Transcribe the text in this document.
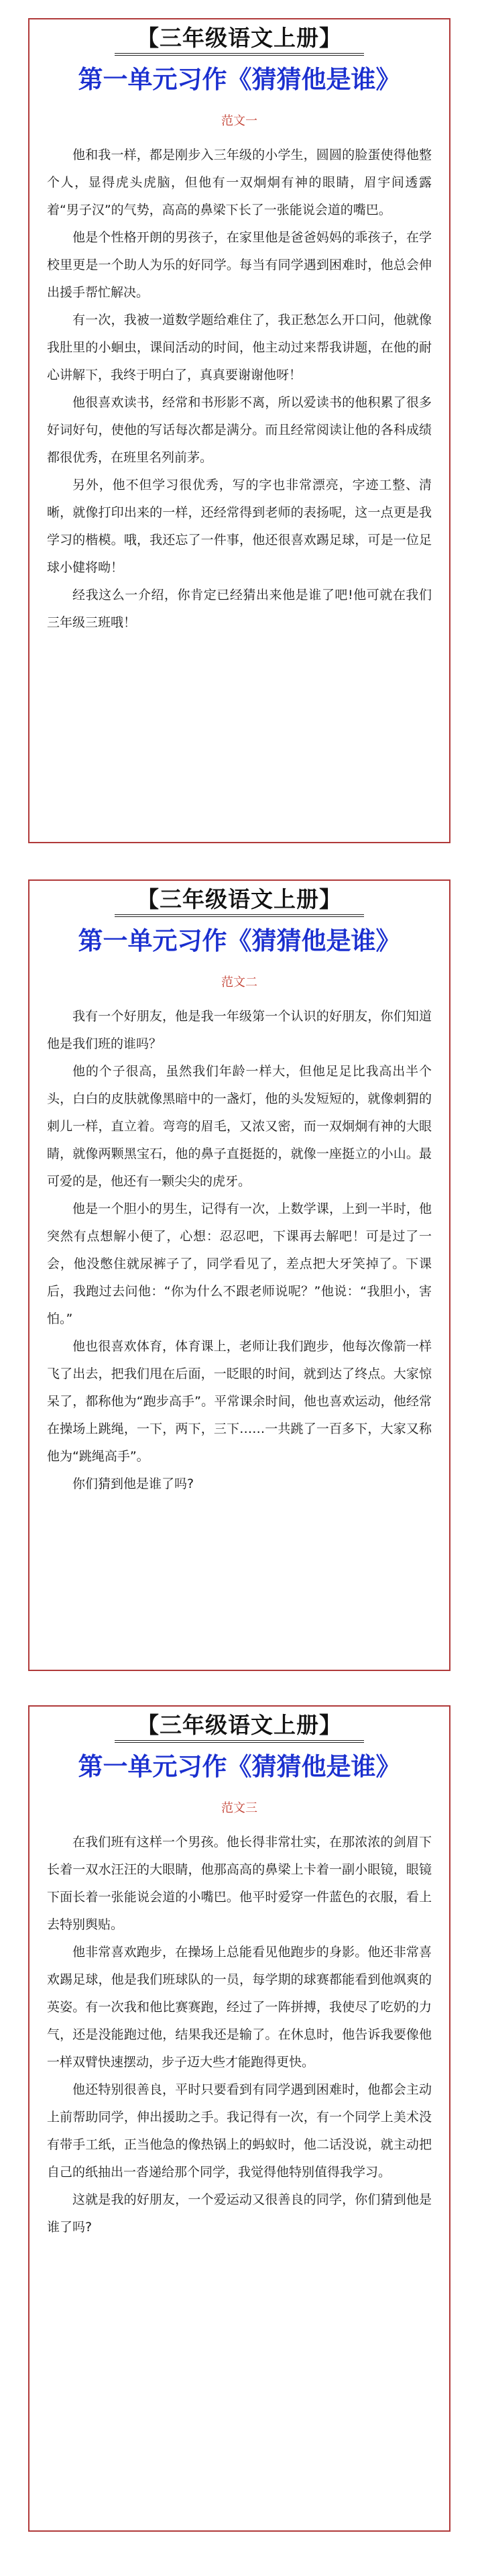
【三年级语文上册】
第一单元习作《猜猜他是谁》
范文一

他和我一样，都是刚步入三年级的小学生，圆圆的脸蛋使得他整个人，显得虎头虎脑，但他有一双炯炯有神的眼睛，眉宇间透露着“男子汉”的气势，高高的鼻梁下长了一张能说会道的嘴巴。

他是个性格开朗的男孩子，在家里他是爸爸妈妈的乖孩子，在学校里更是一个助人为乐的好同学。每当有同学遇到困难时，他总会伸出援手帮忙解决。

有一次，我被一道数学题给难住了，我正愁怎么开口问，他就像我肚里的小蛔虫，课间活动的时间，他主动过来帮我讲题，在他的耐心讲解下，我终于明白了，真真要谢谢他呀！

他很喜欢读书，经常和书形影不离，所以爱读书的他积累了很多好词好句，使他的写话每次都是满分。而且经常阅读让他的各科成绩都很优秀，在班里名列前茅。

另外，他不但学习很优秀，写的字也非常漂亮，字迹工整、清晰，就像打印出来的一样，还经常得到老师的表扬呢，这一点更是我学习的楷模。哦，我还忘了一件事，他还很喜欢踢足球，可是一位足球小健将呦！

经我这么一介绍，你肯定已经猜出来他是谁了吧!他可就在我们三年级三班哦！

【三年级语文上册】
第一单元习作《猜猜他是谁》
范文二

我有一个好朋友，他是我一年级第一个认识的好朋友，你们知道他是我们班的谁吗？

他的个子很高，虽然我们年龄一样大，但他足足比我高出半个头，白白的皮肤就像黑暗中的一盏灯，他的头发短短的，就像刺猬的刺儿一样，直立着。弯弯的眉毛，又浓又密，而一双炯炯有神的大眼睛，就像两颗黑宝石，他的鼻子直挺挺的，就像一座挺立的小山。最可爱的是，他还有一颗尖尖的虎牙。

他是一个胆小的男生，记得有一次，上数学课，上到一半时，他突然有点想解小便了，心想：忍忍吧，下课再去解吧！可是过了一会，他没憋住就尿裤子了，同学看见了，差点把大牙笑掉了。下课后，我跑过去问他：“你为什么不跟老师说呢？”他说：“我胆小，害怕。”

他也很喜欢体育，体育课上，老师让我们跑步，他每次像箭一样飞了出去，把我们甩在后面，一眨眼的时间，就到达了终点。大家惊呆了，都称他为“跑步高手”。平常课余时间，他也喜欢运动，他经常在操场上跳绳，一下，两下，三下……一共跳了一百多下，大家又称他为“跳绳高手”。

你们猜到他是谁了吗?

【三年级语文上册】
第一单元习作《猜猜他是谁》
范文三

在我们班有这样一个男孩。他长得非常壮实，在那浓浓的剑眉下长着一双水汪汪的大眼睛，他那高高的鼻梁上卡着一副小眼镜，眼镜下面长着一张能说会道的小嘴巴。他平时爱穿一件蓝色的衣服，看上去特别舆贴。

他非常喜欢跑步，在操场上总能看见他跑步的身影。他还非常喜欢踢足球，他是我们班球队的一员，每学期的球赛都能看到他飒爽的英姿。有一次我和他比赛赛跑，经过了一阵拼搏，我使尽了吃奶的力气，还是没能跑过他，结果我还是输了。在休息时，他告诉我要像他一样双臂快速摆动，步子迈大些才能跑得更快。

他还特别很善良，平时只要看到有同学遇到困难时，他都会主动上前帮助同学，伸出援助之手。我记得有一次，有一个同学上美术没有带手工纸，正当他急的像热锅上的蚂蚁时，他二话没说，就主动把自己的纸抽出一沓递给那个同学，我觉得他特别值得我学习。

这就是我的好朋友，一个爱运动又很善良的同学，你们猜到他是谁了吗?
